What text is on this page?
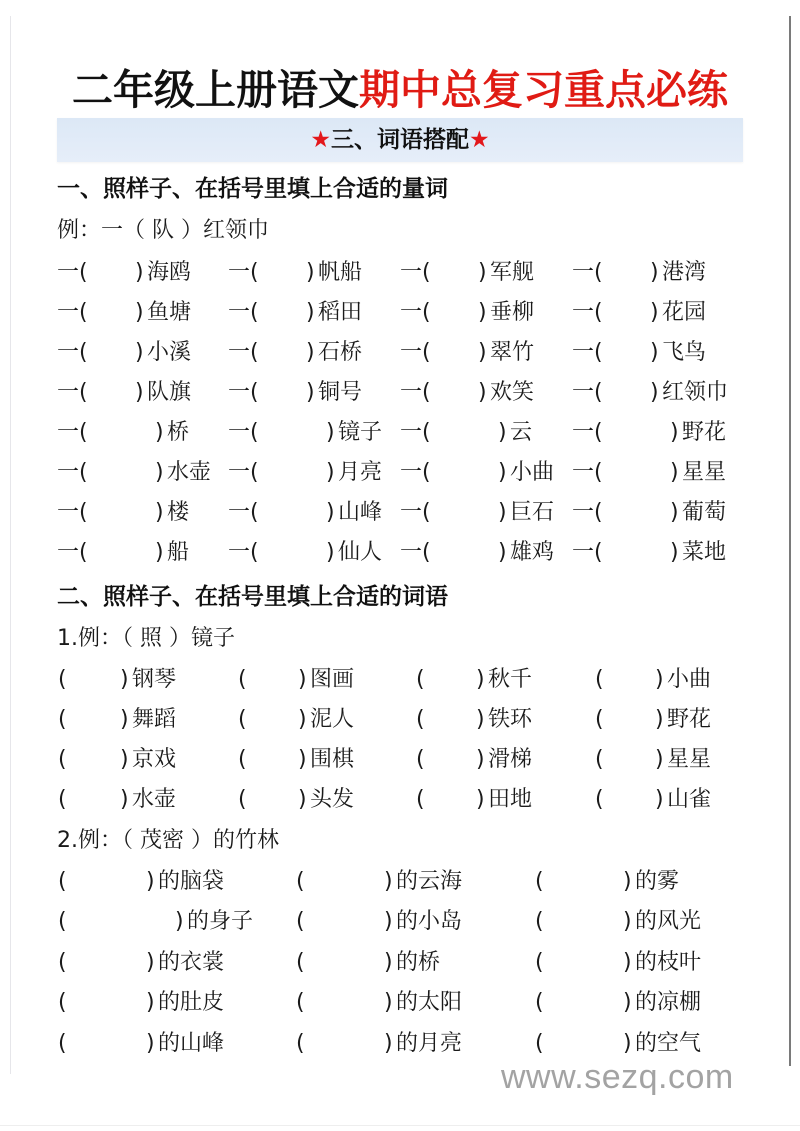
二年级上册语文期中总复习重点必练
★三、词语搭配★
一、照样子、在括号里填上合适的量词
例：一（ 队 ）红领巾
一( ) 海鸥 一( ) 帆船 一( ) 军舰 一( ) 港湾
一( ) 鱼塘 一( ) 稻田 一( ) 垂柳 一( ) 花园
一( ) 小溪 一( ) 石桥 一( ) 翠竹 一( ) 飞鸟
一( ) 队旗 一( ) 铜号 一( ) 欢笑 一( ) 红领巾
一(	) 桥 一(	) 镜子 一(	) 云 一(	) 野花
一(	) 水壶 一(	) 月亮 一(	) 小曲 一(	) 星星
一(	) 楼 一(	) 山峰 一(	) 巨石 一(	) 葡萄
一(	) 船 一(	) 仙人 一(	) 雄鸡 一(	) 菜地
二、照样子、在括号里填上合适的词语
1.例：（ 照 ）镜子
( ) 钢琴	( ) 图画	( ) 秋千	( ) 小曲
( ) 舞蹈	( ) 泥人	( ) 铁环	( ) 野花
( ) 京戏	( ) 围棋	( ) 滑梯	( ) 星星
( ) 水壶	( ) 头发	( ) 田地	( ) 山雀
2.例：（ 茂密 ）的竹林
(	) 的脑袋	(	) 的云海	(	) 的雾
(	) 的身子 (	) 的小岛	(	) 的风光
(	) 的衣裳	(	) 的桥	(	) 的枝叶
(	) 的肚皮	(	) 的太阳	(	) 的凉棚
(	) 的山峰	(	) 的月亮	(	) 的空气
www.sezq.com
